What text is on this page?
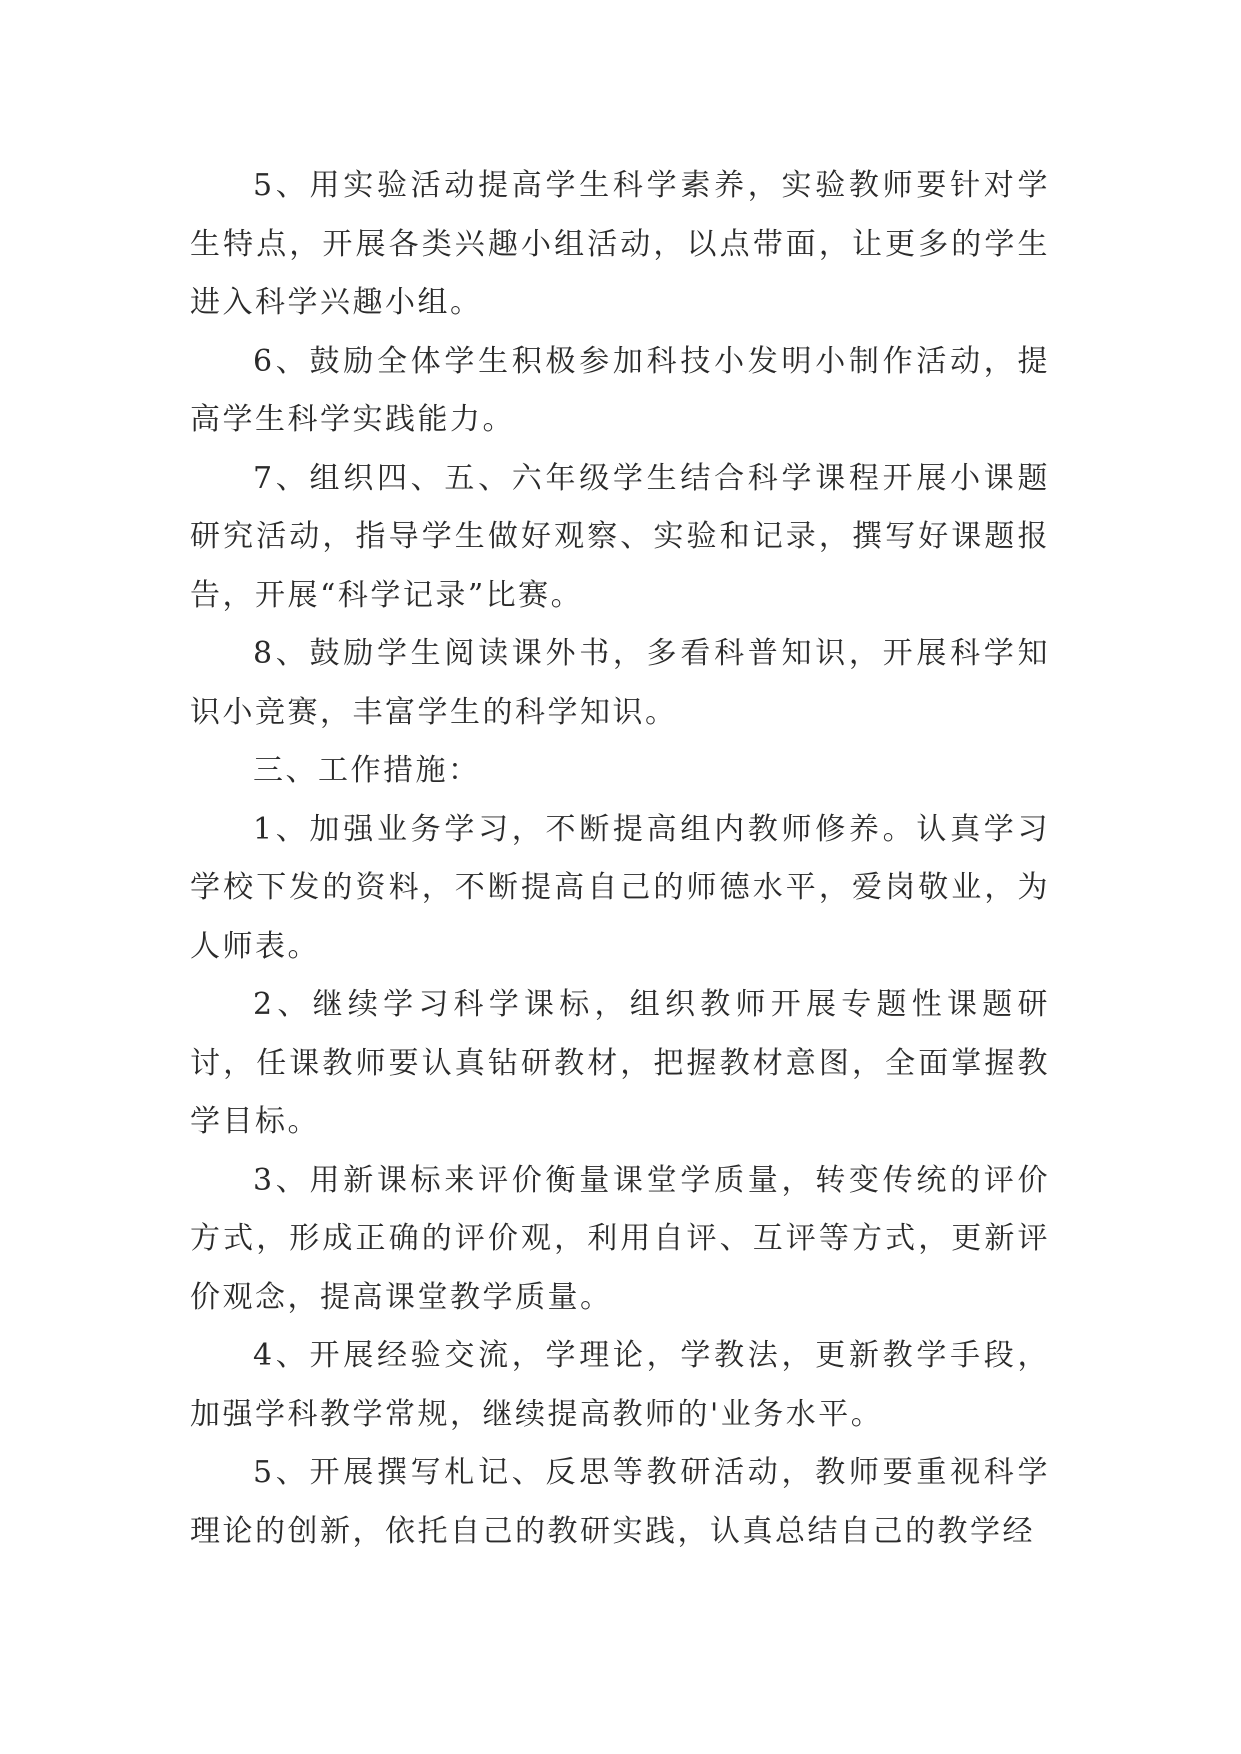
5、用实验活动提高学生科学素养，实验教师要针对学生特点，开展各类兴趣小组活动，以点带面，让更多的学生进入科学兴趣小组。

6、鼓励全体学生积极参加科技小发明小制作活动，提高学生科学实践能力。

7、组织四、五、六年级学生结合科学课程开展小课题研究活动，指导学生做好观察、实验和记录，撰写好课题报告，开展“科学记录”比赛。

8、鼓励学生阅读课外书，多看科普知识，开展科学知识小竞赛，丰富学生的科学知识。

三、工作措施：

1、加强业务学习，不断提高组内教师修养。认真学习学校下发的资料，不断提高自己的师德水平，爱岗敬业，为人师表。

2、继续学习科学课标，组织教师开展专题性课题研讨，任课教师要认真钻研教材，把握教材意图，全面掌握教学目标。

3、用新课标来评价衡量课堂学质量，转变传统的评价方式，形成正确的评价观，利用自评、互评等方式，更新评价观念，提高课堂教学质量。

4、开展经验交流，学理论，学教法，更新教学手段，加强学科教学常规，继续提高教师的'业务水平。

5、开展撰写札记、反思等教研活动，教师要重视科学理论的创新，依托自己的教研实践，认真总结自己的教学经
